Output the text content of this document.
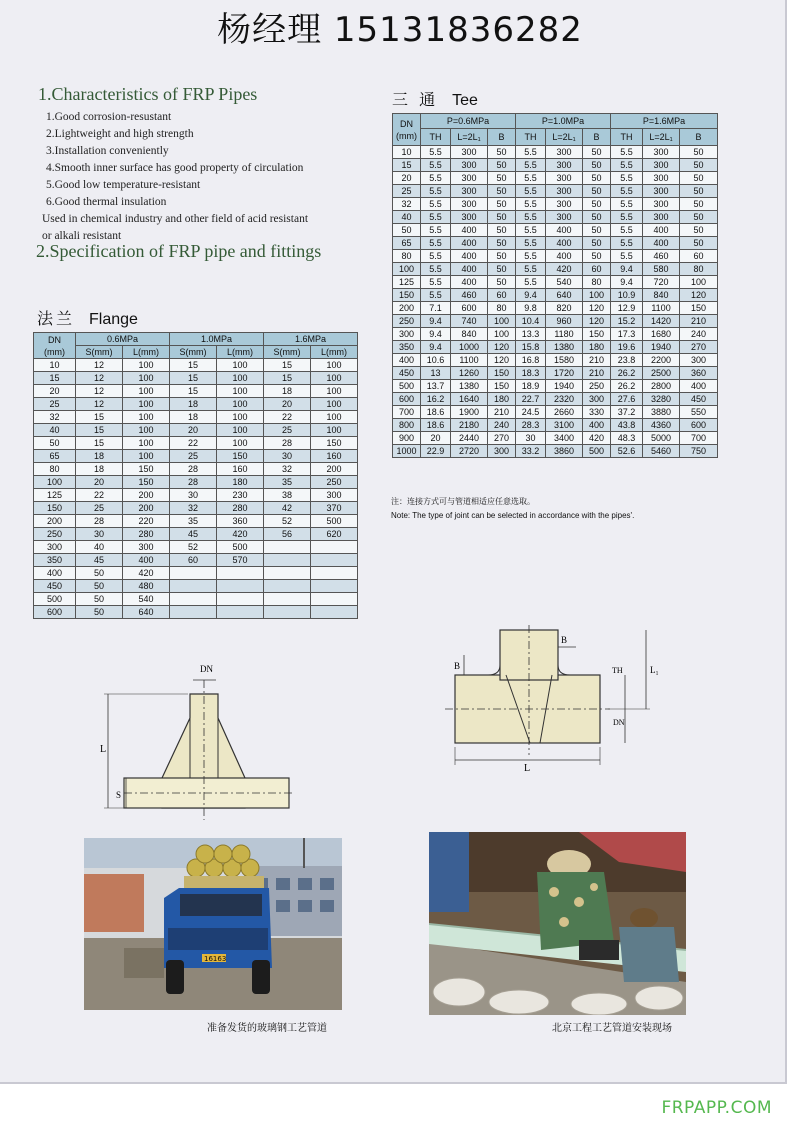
杨经理 15131836282
1.Characteristics of FRP Pipes
1.Good corrosion-resustant
2.Lightweight and high strength
3.Installation conveniently
4.Smooth inner surface has good property of circulation
5.Good low temperature-resistant
6.Good thermal insulation
Used in chemical industry and other field of acid resistant
or alkali resistant
2.Specification of FRP pipe and fittings
法兰 Flange
DN
(mm)	0.6MPa		1.0MPa		1.6MPa	
	S(mm)	L(mm)	S(mm)	L(mm)	S(mm)	L(mm)
10	12	100	15	100	15	100
15	12	100	15	100	15	100
20	12	100	15	100	18	100
25	12	100	18	100	20	100
32	15	100	18	100	22	100
40	15	100	20	100	25	100
50	15	100	22	100	28	150
65	18	100	25	150	30	160
80	18	150	28	160	32	200
100	20	150	28	180	35	250
125	22	200	30	230	38	300
150	25	200	32	280	42	370
200	28	220	35	360	52	500
250	30	280	45	420	56	620
300	40	300	52	500		
350	45	400	60	570		
400	50	420				
450	50	480				
500	50	540				
600	50	640				
三 通 Tee
DN
(mm)	P=0.6MPa			P=1.0MPa			P=1.6MPa		
	TH	L=2L₁	B	TH	L=2L₁	B	TH	L=2L₁	B
10	5.5	300	50	5.5	300	50	5.5	300	50
15	5.5	300	50	5.5	300	50	5.5	300	50
20	5.5	300	50	5.5	300	50	5.5	300	50
25	5.5	300	50	5.5	300	50	5.5	300	50
32	5.5	300	50	5.5	300	50	5.5	300	50
40	5.5	300	50	5.5	300	50	5.5	300	50
50	5.5	400	50	5.5	400	50	5.5	400	50
65	5.5	400	50	5.5	400	50	5.5	400	50
80	5.5	400	50	5.5	400	50	5.5	460	60
100	5.5	400	50	5.5	420	60	9.4	580	80
125	5.5	400	50	5.5	540	80	9.4	720	100
150	5.5	460	60	9.4	640	100	10.9	840	120
200	7.1	600	80	9.8	820	120	12.9	1100	150
250	9.4	740	100	10.4	960	120	15.2	1420	210
300	9.4	840	100	13.3	1180	150	17.3	1680	240
350	9.4	1000	120	15.8	1380	180	19.6	1940	270
400	10.6	1100	120	16.8	1580	210	23.8	2200	300
450	13	1260	150	18.3	1720	210	26.2	2500	360
500	13.7	1380	150	18.9	1940	250	26.2	2800	400
600	16.2	1640	180	22.7	2320	300	27.6	3280	450
700	18.6	1900	210	24.5	2660	330	37.2	3880	550
800	18.6	2180	240	28.3	3100	400	43.8	4360	600
900	20	2440	270	30	3400	420	48.3	5000	700
1000	22.9	2720	300	33.2	3860	500	52.6	5460	750
注：连接方式可与管道相适应任意选取。
Note: The type of joint can be selected in accordance with the pipes'.
DN
L
S
B
B	TH	L₁
DN
L
16163
准备发货的玻璃钢工艺管道	北京工程工艺管道安装现场
FRPAPP.COM
